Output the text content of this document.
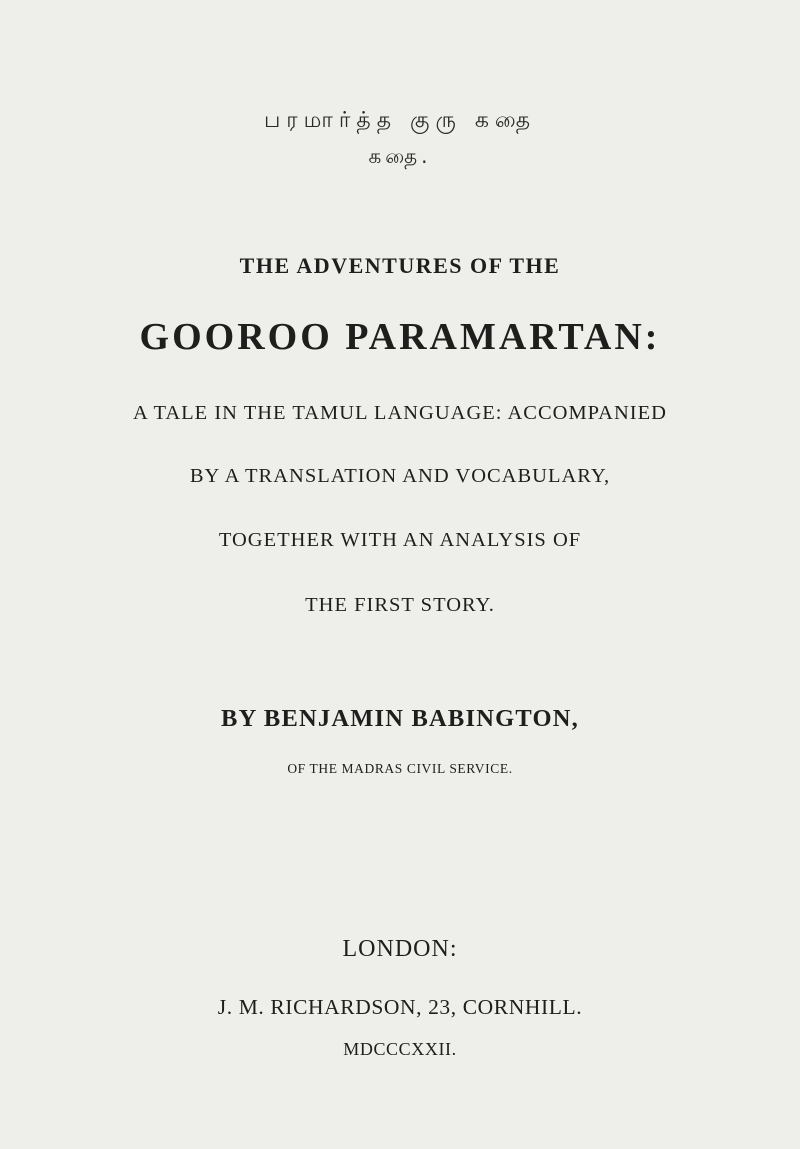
பரமார்த்த குரு கதை
கதை.
THE ADVENTURES OF THE
GOOROO PARAMARTAN:
A TALE IN THE TAMUL LANGUAGE: ACCOMPANIED
BY A TRANSLATION AND VOCABULARY,
TOGETHER WITH AN ANALYSIS OF
THE FIRST STORY.
BY BENJAMIN BABINGTON,
OF THE MADRAS CIVIL SERVICE.
LONDON:
J. M. RICHARDSON, 23, CORNHILL.
MDCCCXXII.
